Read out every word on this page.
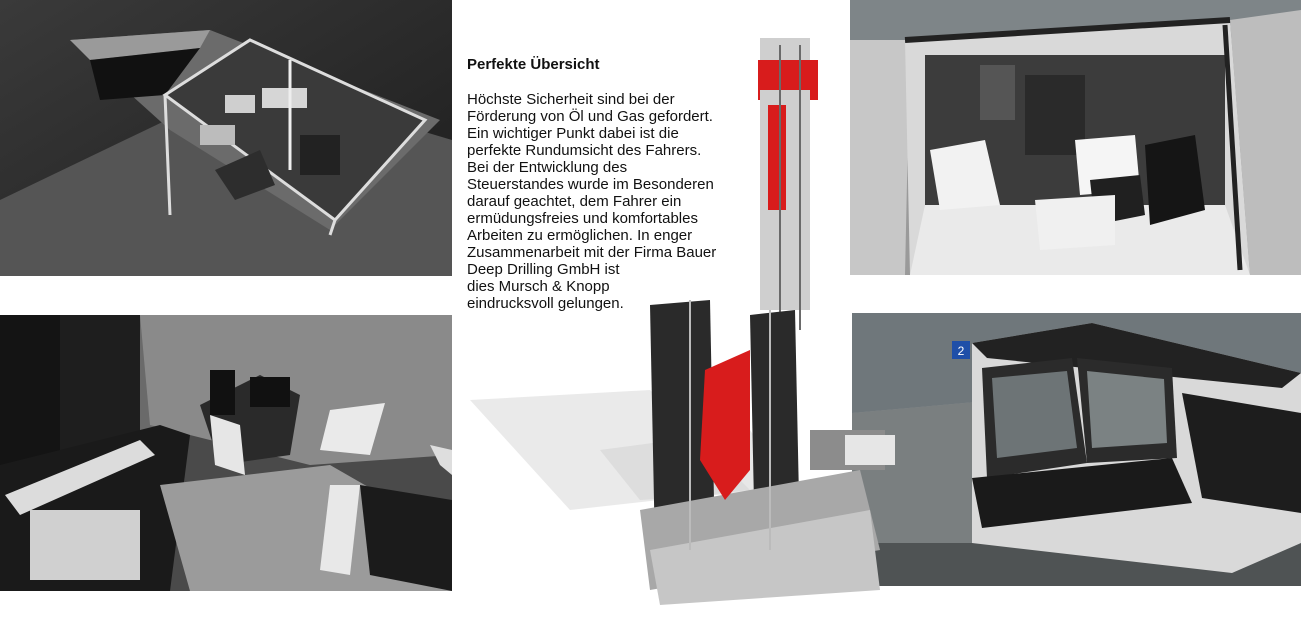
2
Perfekte Übersicht

Höchste Sicherheit sind bei der
Förderung von Öl und Gas gefordert.
Ein wichtiger Punkt dabei ist die
perfekte Rundumsicht des Fahrers.
Bei der Entwicklung des
Steuerstandes wurde im Besonderen
darauf geachtet, dem Fahrer ein
ermüdungsfreies und komfortables
Arbeiten zu ermöglichen. In enger
Zusammenarbeit mit der Firma Bauer
Deep Drilling GmbH ist
dies Mursch & Knopp
eindrucksvoll gelungen.
